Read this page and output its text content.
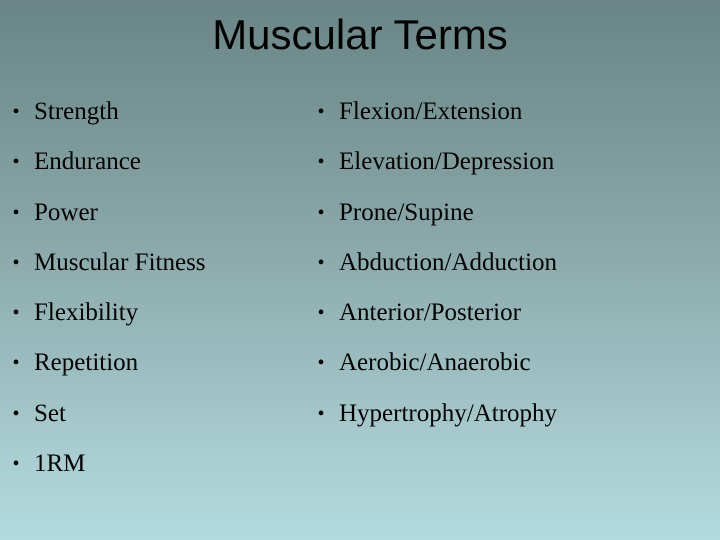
Muscular Terms
• Strength
• Endurance
• Power
• Muscular Fitness
• Flexibility
• Repetition
• Set
• 1RM
• Flexion/Extension
• Elevation/Depression
• Prone/Supine
• Abduction/Adduction
• Anterior/Posterior
• Aerobic/Anaerobic
• Hypertrophy/Atrophy
